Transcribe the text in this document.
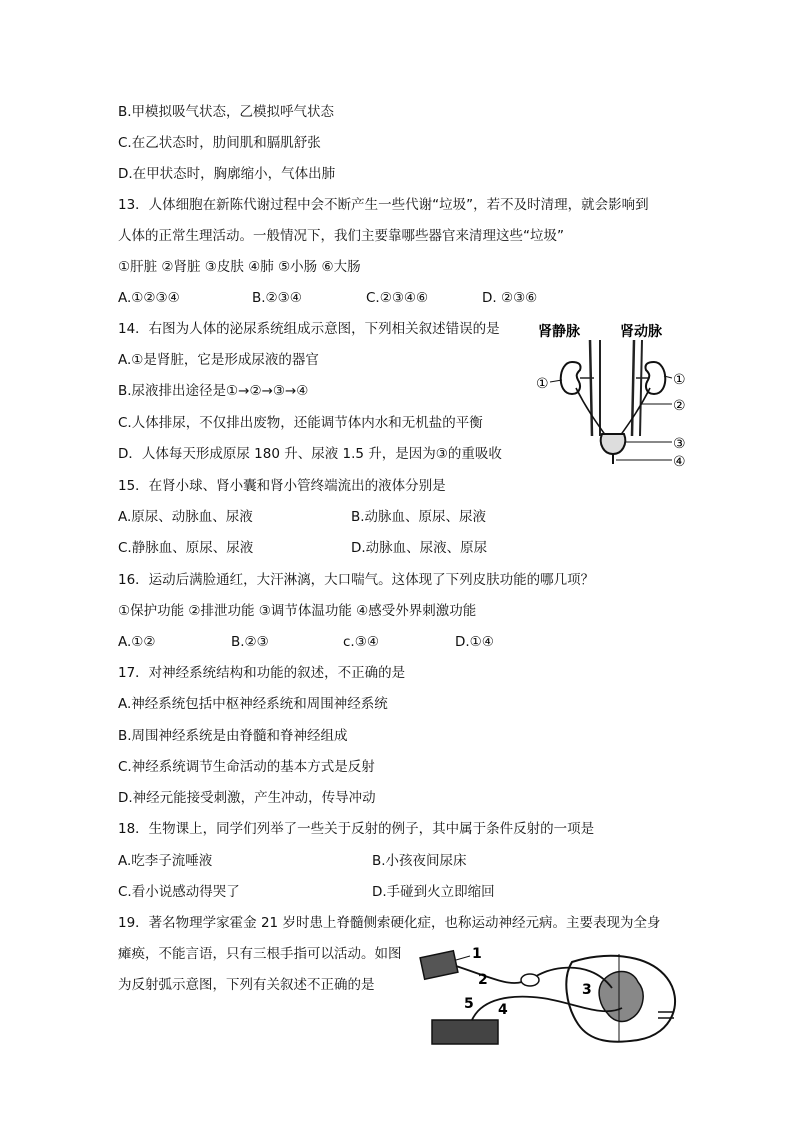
B.甲模拟吸气状态，乙模拟呼气状态
C.在乙状态时，肋间肌和膈肌舒张
D.在甲状态时，胸廓缩小，气体出肺
13．人体细胞在新陈代谢过程中会不断产生一些代谢“垃圾”，若不及时清理，就会影响到
人体的正常生理活动。一般情况下，我们主要靠哪些器官来清理这些“垃圾”
①肝脏 ②肾脏 ③皮肤 ④肺 ⑤小肠 ⑥大肠
A.①②③④	B.②③④	C.②③④⑥	D. ②③⑥
14．右图为人体的泌尿系统组成示意图，下列相关叙述错误的是
A.①是肾脏，它是形成尿液的器官
B.尿液排出途径是①→②→③→④
C.人体排尿，不仅排出废物，还能调节体内水和无机盐的平衡
D．人体每天形成原尿 180 升、尿液 1.5 升，是因为③的重吸收
肾静脉	肾动脉
①	①
②
③
④
15．在肾小球、肾小囊和肾小管终端流出的液体分别是
A.原尿、动脉血、尿液	B.动脉血、原尿、尿液
C.静脉血、原尿、尿液	D.动脉血、尿液、原尿
16．运动后满脸通红，大汗淋漓，大口喘气。这体现了下列皮肤功能的哪几项？
①保护功能 ②排泄功能 ③调节体温功能 ④感受外界刺激功能
A.①②	B.②③	c.③④	D.①④
17．对神经系统结构和功能的叙述，不正确的是
A.神经系统包括中枢神经系统和周围神经系统
B.周围神经系统是由脊髓和脊神经组成
C.神经系统调节生命活动的基本方式是反射
D.神经元能接受刺激，产生冲动，传导冲动
18．生物课上，同学们列举了一些关于反射的例子，其中属于条件反射的一项是
A.吃李子流唾液	B.小孩夜间尿床
C.看小说感动得哭了	D.手碰到火立即缩回
19．著名物理学家霍金 21 岁时患上脊髓侧索硬化症，也称运动神经元病。主要表现为全身
瘫痪，不能言语，只有三根手指可以活动。如图
为反射弧示意图，下列有关叙述不正确的是
1
2
3
4
5
